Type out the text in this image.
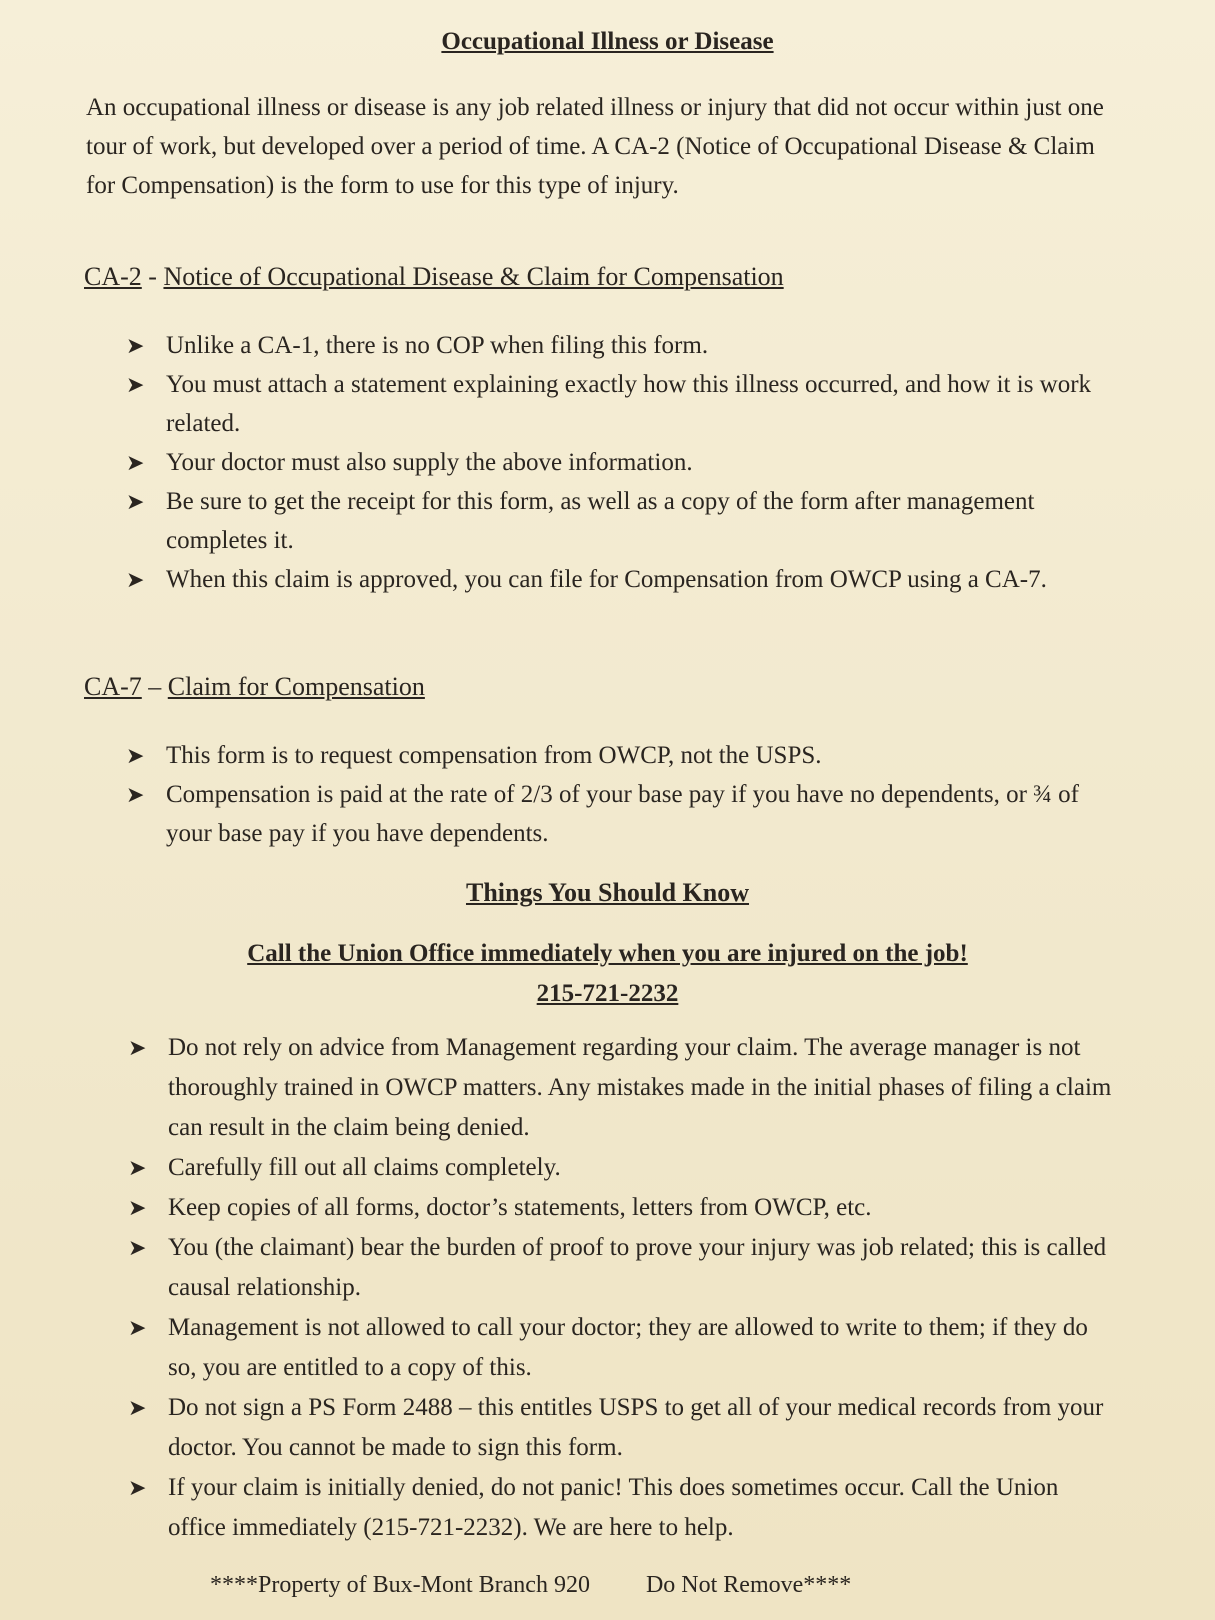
Occupational Illness or Disease
An occupational illness or disease is any job related illness or injury that did not occur within just one tour of work, but developed over a period of time. A CA-2 (Notice of Occupational Disease & Claim for Compensation) is the form to use for this type of injury.
CA-2 - Notice of Occupational Disease & Claim for Compensation
➤ Unlike a CA-1, there is no COP when filing this form.
➤ You must attach a statement explaining exactly how this illness occurred, and how it is work related.
➤ Your doctor must also supply the above information.
➤ Be sure to get the receipt for this form, as well as a copy of the form after management completes it.
➤ When this claim is approved, you can file for Compensation from OWCP using a CA-7.
CA-7 – Claim for Compensation
➤ This form is to request compensation from OWCP, not the USPS.
➤ Compensation is paid at the rate of 2/3 of your base pay if you have no dependents, or ¾ of your base pay if you have dependents.
Things You Should Know
Call the Union Office immediately when you are injured on the job!
215-721-2232
➤ Do not rely on advice from Management regarding your claim. The average manager is not thoroughly trained in OWCP matters. Any mistakes made in the initial phases of filing a claim can result in the claim being denied.
➤ Carefully fill out all claims completely.
➤ Keep copies of all forms, doctor’s statements, letters from OWCP, etc.
➤ You (the claimant) bear the burden of proof to prove your injury was job related; this is called causal relationship.
➤ Management is not allowed to call your doctor; they are allowed to write to them; if they do so, you are entitled to a copy of this.
➤ Do not sign a PS Form 2488 – this entitles USPS to get all of your medical records from your doctor. You cannot be made to sign this form.
➤ If your claim is initially denied, do not panic! This does sometimes occur. Call the Union office immediately (215-721-2232). We are here to help.
****Property of Bux-Mont Branch 920 Do Not Remove****
